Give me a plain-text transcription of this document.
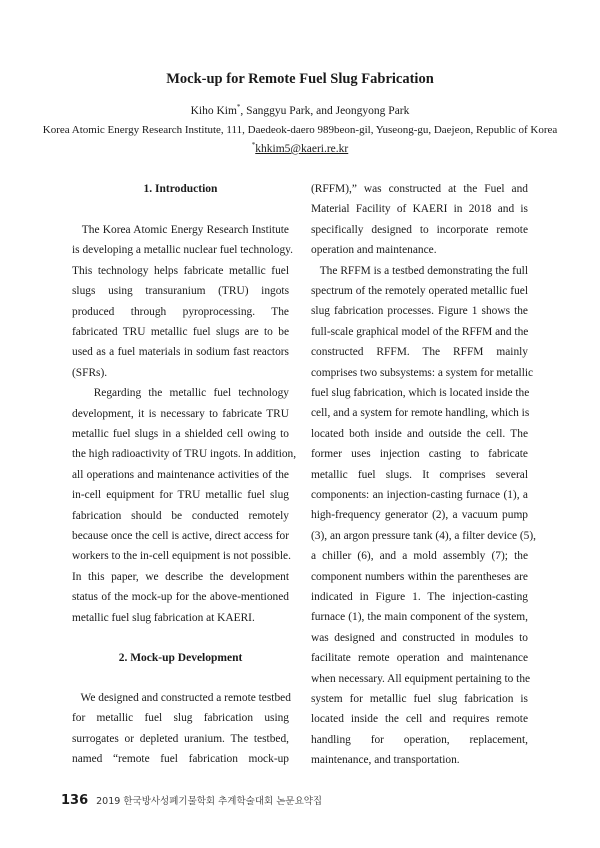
Mock-up for Remote Fuel Slug Fabrication
Kiho Kim*, Sanggyu Park, and Jeongyong Park
Korea Atomic Energy Research Institute, 111, Daedeok-daero 989beon-gil, Yuseong-gu, Daejeon, Republic of Korea
*khkim5@kaeri.re.kr
1. Introduction
2. Mock-up Development
The Korea Atomic Energy Research Institute
is developing a metallic nuclear fuel technology.
This technology helps fabricate metallic fuel
slugs using transuranium (TRU) ingots
produced through pyroprocessing. The
fabricated TRU metallic fuel slugs are to be
used as a fuel materials in sodium fast reactors
(SFRs).
Regarding the metallic fuel technology
development, it is necessary to fabricate TRU
metallic fuel slugs in a shielded cell owing to
the high radioactivity of TRU ingots. In addition,
all operations and maintenance activities of the
in-cell equipment for TRU metallic fuel slug
fabrication should be conducted remotely
because once the cell is active, direct access for
workers to the in-cell equipment is not possible.
In this paper, we describe the development
status of the mock-up for the above-mentioned
metallic fuel slug fabrication at KAERI.
We designed and constructed a remote testbed
for metallic fuel slug fabrication using
surrogates or depleted uranium. The testbed,
named “remote fuel fabrication mock-up
(RFFM),” was constructed at the Fuel and
Material Facility of KAERI in 2018 and is
specifically designed to incorporate remote
operation and maintenance.
The RFFM is a testbed demonstrating the full
spectrum of the remotely operated metallic fuel
slug fabrication processes. Figure 1 shows the
full-scale graphical model of the RFFM and the
constructed RFFM. The RFFM mainly
comprises two subsystems: a system for metallic
fuel slug fabrication, which is located inside the
cell, and a system for remote handling, which is
located both inside and outside the cell. The
former uses injection casting to fabricate
metallic fuel slugs. It comprises several
components: an injection-casting furnace (1), a
high-frequency generator (2), a vacuum pump
(3), an argon pressure tank (4), a filter device (5),
a chiller (6), and a mold assembly (7); the
component numbers within the parentheses are
indicated in Figure 1. The injection-casting
furnace (1), the main component of the system,
was designed and constructed in modules to
facilitate remote operation and maintenance
when necessary. All equipment pertaining to the
system for metallic fuel slug fabrication is
located inside the cell and requires remote
handling for operation, replacement,
maintenance, and transportation.
136 2019 한국방사성폐기물학회 추계학술대회 논문요약집
